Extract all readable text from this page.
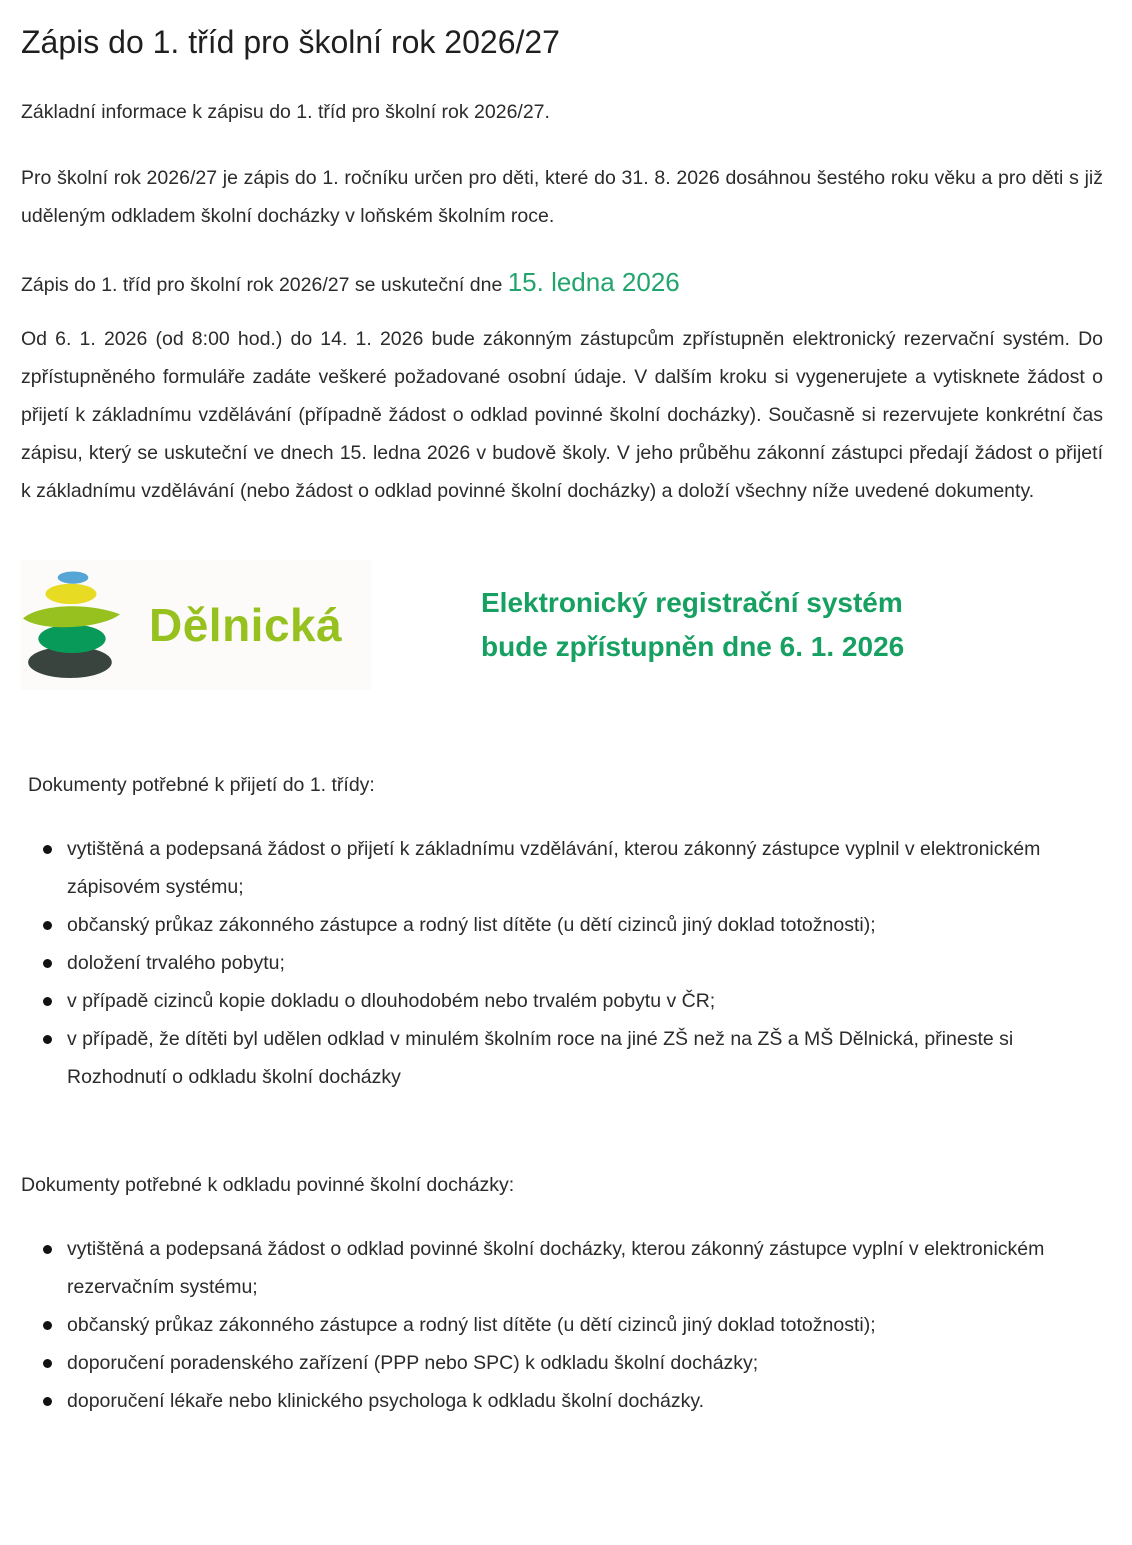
Zápis do 1. tříd pro školní rok 2026/27

Základní informace k zápisu do 1. tříd pro školní rok 2026/27.

Pro školní rok 2026/27 je zápis do 1. ročníku určen pro děti, které do 31. 8. 2026 dosáhnou šestého roku věku a pro děti s již uděleným odkladem školní docházky v loňském školním roce.

Zápis do 1. tříd pro školní rok 2026/27 se uskuteční dne 15. ledna 2026

Od 6. 1. 2026 (od 8:00 hod.) do 14. 1. 2026 bude zákonným zástupcům zpřístupněn elektronický rezervační systém. Do zpřístupněného formuláře zadáte veškeré požadované osobní údaje. V dalším kroku si vygenerujete a vytisknete žádost o přijetí k základnímu vzdělávání (případně žádost o odklad povinné školní docházky). Současně si rezervujete konkrétní čas zápisu, který se uskuteční ve dnech 15. ledna 2026 v budově školy. V jeho průběhu zákonní zástupci předají žádost o přijetí k základnímu vzdělávání (nebo žádost o odklad povinné školní docházky) a doloží všechny níže uvedené dokumenty.

Dělnická	Elektronický registrační systém
bude zpřístupněn dne 6. 1. 2026

Dokumenty potřebné k přijetí do 1. třídy:

vytištěná a podepsaná žádost o přijetí k základnímu vzdělávání, kterou zákonný zástupce vyplnil v elektronickém zápisovém systému;
občanský průkaz zákonného zástupce a rodný list dítěte (u dětí cizinců jiný doklad totožnosti);
doložení trvalého pobytu;
v případě cizinců kopie dokladu o dlouhodobém nebo trvalém pobytu v ČR;
v případě, že dítěti byl udělen odklad v minulém školním roce na jiné ZŠ než na ZŠ a MŠ Dělnická, přineste si Rozhodnutí o odkladu školní docházky

Dokumenty potřebné k odkladu povinné školní docházky:

vytištěná a podepsaná žádost o odklad povinné školní docházky, kterou zákonný zástupce vyplní v elektronickém rezervačním systému;
občanský průkaz zákonného zástupce a rodný list dítěte (u dětí cizinců jiný doklad totožnosti);
doporučení poradenského zařízení (PPP nebo SPC) k odkladu školní docházky;
doporučení lékaře nebo klinického psychologa k odkladu školní docházky.
